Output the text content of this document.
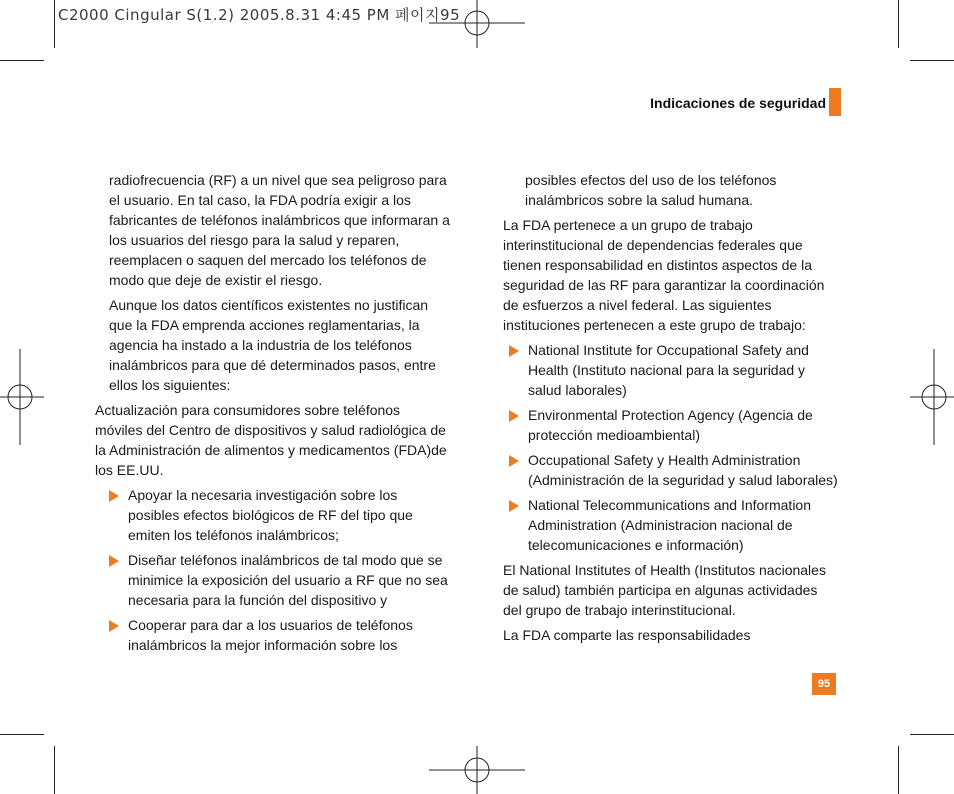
C2000 Cingular S(1.2) 2005.8.31 4:45 PM 페이지95
Indicaciones de seguridad

radiofrecuencia (RF) a un nivel que sea peligroso para el usuario. En tal caso, la FDA podría exigir a los fabricantes de teléfonos inalámbricos que informaran a los usuarios del riesgo para la salud y reparen, reemplacen o saquen del mercado los teléfonos de modo que deje de existir el riesgo.

Aunque los datos científicos existentes no justifican que la FDA emprenda acciones reglamentarias, la agencia ha instado a la industria de los teléfonos inalámbricos para que dé determinados pasos, entre ellos los siguientes:

Actualización para consumidores sobre teléfonos móviles del Centro de dispositivos y salud radiológica de la Administración de alimentos y medicamentos (FDA)de los EE.UU.

Apoyar la necesaria investigación sobre los posibles efectos biológicos de RF del tipo que emiten los teléfonos inalámbricos;
Diseñar teléfonos inalámbricos de tal modo que se minimice la exposición del usuario a RF que no sea necesaria para la función del dispositivo y
Cooperar para dar a los usuarios de teléfonos inalámbricos la mejor información sobre los

posibles efectos del uso de los teléfonos inalámbricos sobre la salud humana.

La FDA pertenece a un grupo de trabajo interinstitucional de dependencias federales que tienen responsabilidad en distintos aspectos de la seguridad de las RF para garantizar la coordinación de esfuerzos a nivel federal. Las siguientes instituciones pertenecen a este grupo de trabajo:

National Institute for Occupational Safety and Health (Instituto nacional para la seguridad y salud laborales)
Environmental Protection Agency (Agencia de protección medioambiental)
Occupational Safety y Health Administration (Administración de la seguridad y salud laborales)
National Telecommunications and Information Administration (Administracion nacional de telecomunicaciones e información)

El National Institutes of Health (Institutos nacionales de salud) también participa en algunas actividades del grupo de trabajo interinstitucional.

La FDA comparte las responsabilidades

95
